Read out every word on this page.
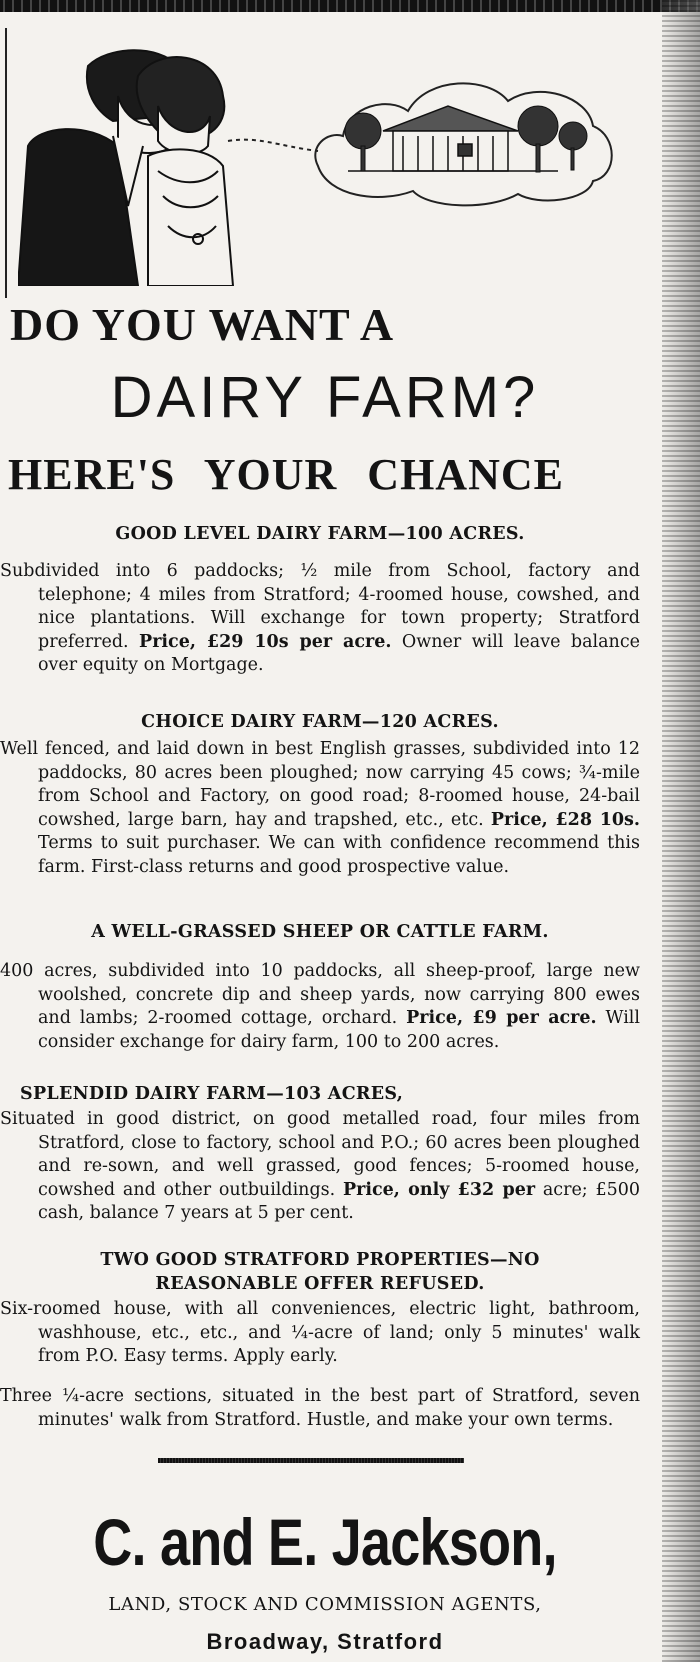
DO YOU WANT A
DAIRY FARM?
HERE'S YOUR CHANCE
GOOD LEVEL DAIRY FARM—100 ACRES.
Subdivided into 6 paddocks; ½ mile from School, factory and telephone; 4 miles from Stratford; 4-roomed house, cowshed, and nice plantations. Will exchange for town property; Stratford preferred. Price, £29 10s per acre. Owner will leave balance over equity on Mortgage.
CHOICE DAIRY FARM—120 ACRES.
Well fenced, and laid down in best English grasses, subdivided into 12 paddocks, 80 acres been ploughed; now carrying 45 cows; ¾-mile from School and Factory, on good road; 8-roomed house, 24-bail cowshed, large barn, hay and trapshed, etc., etc. Price, £28 10s. Terms to suit purchaser. We can with confidence recommend this farm. First-class returns and good prospective value.
A WELL-GRASSED SHEEP OR CATTLE FARM.
400 acres, subdivided into 10 paddocks, all sheep-proof, large new woolshed, concrete dip and sheep yards, now carrying 800 ewes and lambs; 2-roomed cottage, orchard. Price, £9 per acre. Will consider exchange for dairy farm, 100 to 200 acres.
SPLENDID DAIRY FARM—103 ACRES,
Situated in good district, on good metalled road, four miles from Stratford, close to factory, school and P.O.; 60 acres been ploughed and re-sown, and well grassed, good fences; 5-roomed house, cowshed and other outbuildings. Price, only £32 per acre; £500 cash, balance 7 years at 5 per cent.
TWO GOOD STRATFORD PROPERTIES—NO REASONABLE OFFER REFUSED.
Six-roomed house, with all conveniences, electric light, bathroom, washhouse, etc., etc., and ¼-acre of land; only 5 minutes' walk from P.O. Easy terms. Apply early.
Three ¼-acre sections, situated in the best part of Stratford, seven minutes' walk from Stratford. Hustle, and make your own terms.
C. and E. Jackson,
LAND, STOCK AND COMMISSION AGENTS,
Broadway, Stratford
